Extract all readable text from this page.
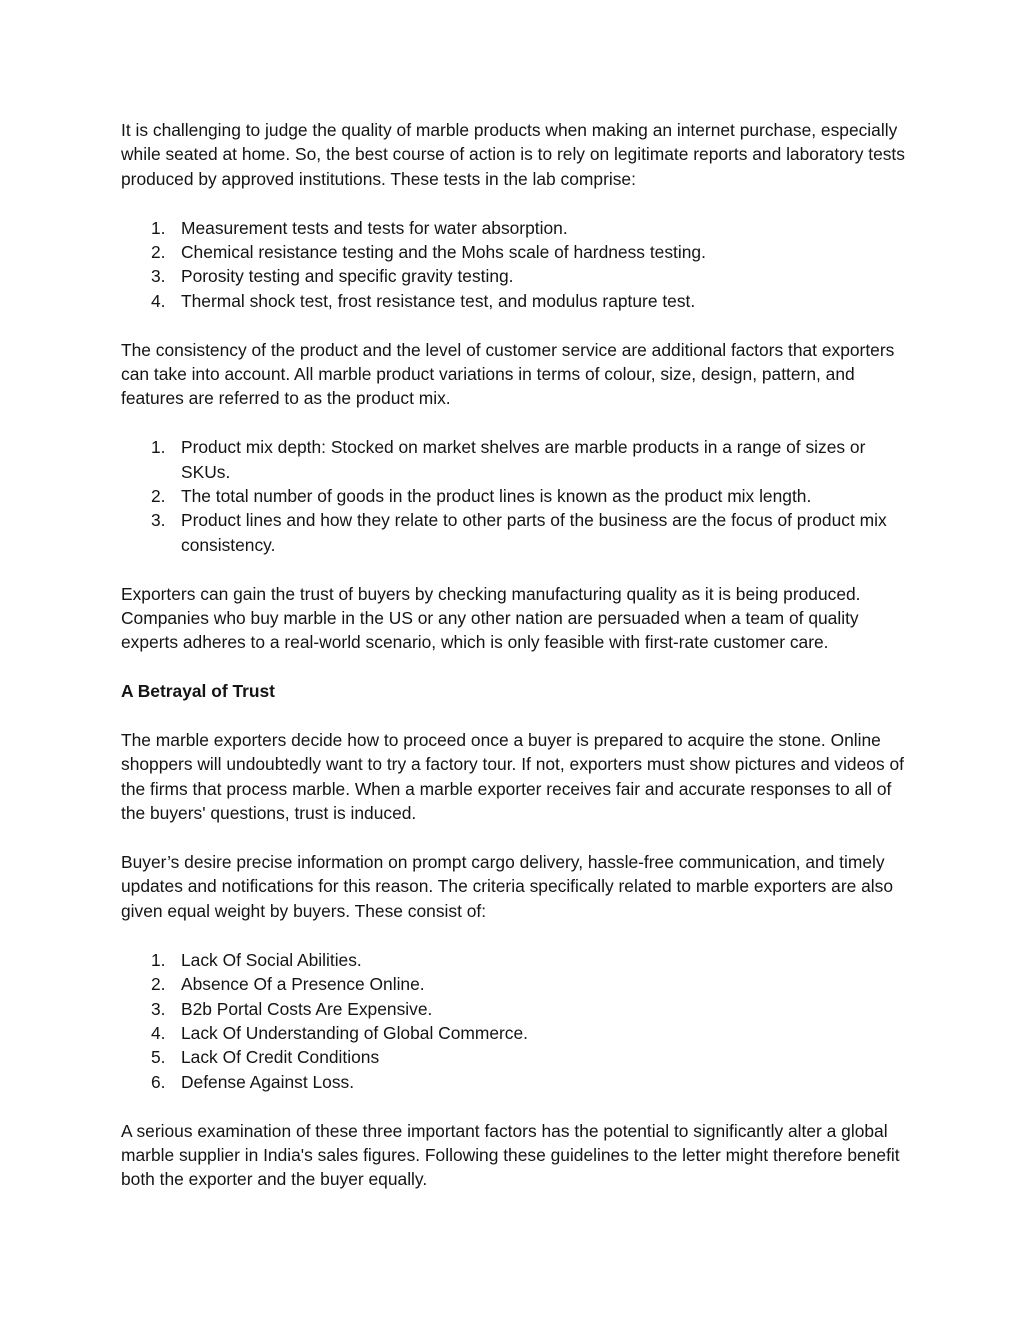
It is challenging to judge the quality of marble products when making an internet purchase, especially while seated at home. So, the best course of action is to rely on legitimate reports and laboratory tests produced by approved institutions. These tests in the lab comprise:

1. Measurement tests and tests for water absorption.
2. Chemical resistance testing and the Mohs scale of hardness testing.
3. Porosity testing and specific gravity testing.
4. Thermal shock test, frost resistance test, and modulus rapture test.

The consistency of the product and the level of customer service are additional factors that exporters can take into account. All marble product variations in terms of colour, size, design, pattern, and features are referred to as the product mix.

1. Product mix depth: Stocked on market shelves are marble products in a range of sizes or SKUs.
2. The total number of goods in the product lines is known as the product mix length.
3. Product lines and how they relate to other parts of the business are the focus of product mix consistency.

Exporters can gain the trust of buyers by checking manufacturing quality as it is being produced. Companies who buy marble in the US or any other nation are persuaded when a team of quality experts adheres to a real-world scenario, which is only feasible with first-rate customer care.

A Betrayal of Trust

The marble exporters decide how to proceed once a buyer is prepared to acquire the stone. Online shoppers will undoubtedly want to try a factory tour. If not, exporters must show pictures and videos of the firms that process marble. When a marble exporter receives fair and accurate responses to all of the buyers' questions, trust is induced.

Buyer’s desire precise information on prompt cargo delivery, hassle-free communication, and timely updates and notifications for this reason. The criteria specifically related to marble exporters are also given equal weight by buyers. These consist of:

1. Lack Of Social Abilities.
2. Absence Of a Presence Online.
3. B2b Portal Costs Are Expensive.
4. Lack Of Understanding of Global Commerce.
5. Lack Of Credit Conditions
6. Defense Against Loss.

A serious examination of these three important factors has the potential to significantly alter a global marble supplier in India's sales figures. Following these guidelines to the letter might therefore benefit both the exporter and the buyer equally.
